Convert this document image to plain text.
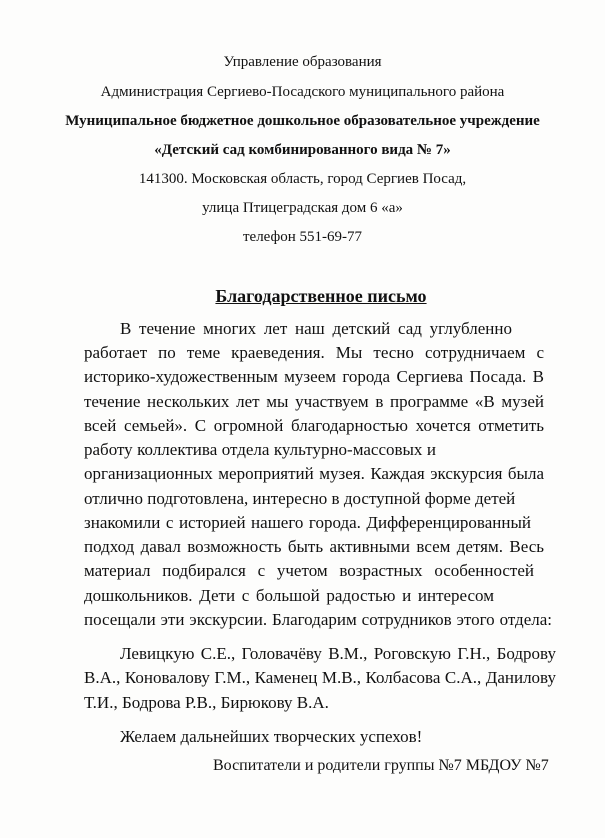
Управление образования
Администрация Сергиево-Посадского муниципального района
Муниципальное бюджетное дошкольное образовательное учреждение
«Детский сад комбинированного вида № 7»
141300. Московская область, город Сергиев Посад,
улица Птицеградская дом 6 «а»
телефон 551-69-77
Благодарственное письмо
В течение многих лет наш детский сад углубленно
работает по теме краеведения. Мы тесно сотрудничаем с
историко-художественным музеем города Сергиева Посада. В
течение нескольких лет мы участвуем в программе «В музей
всей семьей». С огромной благодарностью хочется отметить
работу коллектива отдела культурно-массовых и
организационных мероприятий музея. Каждая экскурсия была
отлично подготовлена, интересно в доступной форме детей
знакомили с историей нашего города. Дифференцированный
подход давал возможность быть активными всем детям. Весь
материал подбирался с учетом возрастных особенностей
дошкольников. Дети с большой радостью и интересом
посещали эти экскурсии. Благодарим сотрудников этого отдела:
Левицкую С.Е., Головачёву В.М., Роговскую Г.Н., Бодрову
В.А., Коновалову Г.М., Каменец М.В., Колбасова С.А., Данилову
Т.И., Бодрова Р.В., Бирюкову В.А.
Желаем дальнейших творческих успехов!
Воспитатели и родители группы №7 МБДОУ №7
